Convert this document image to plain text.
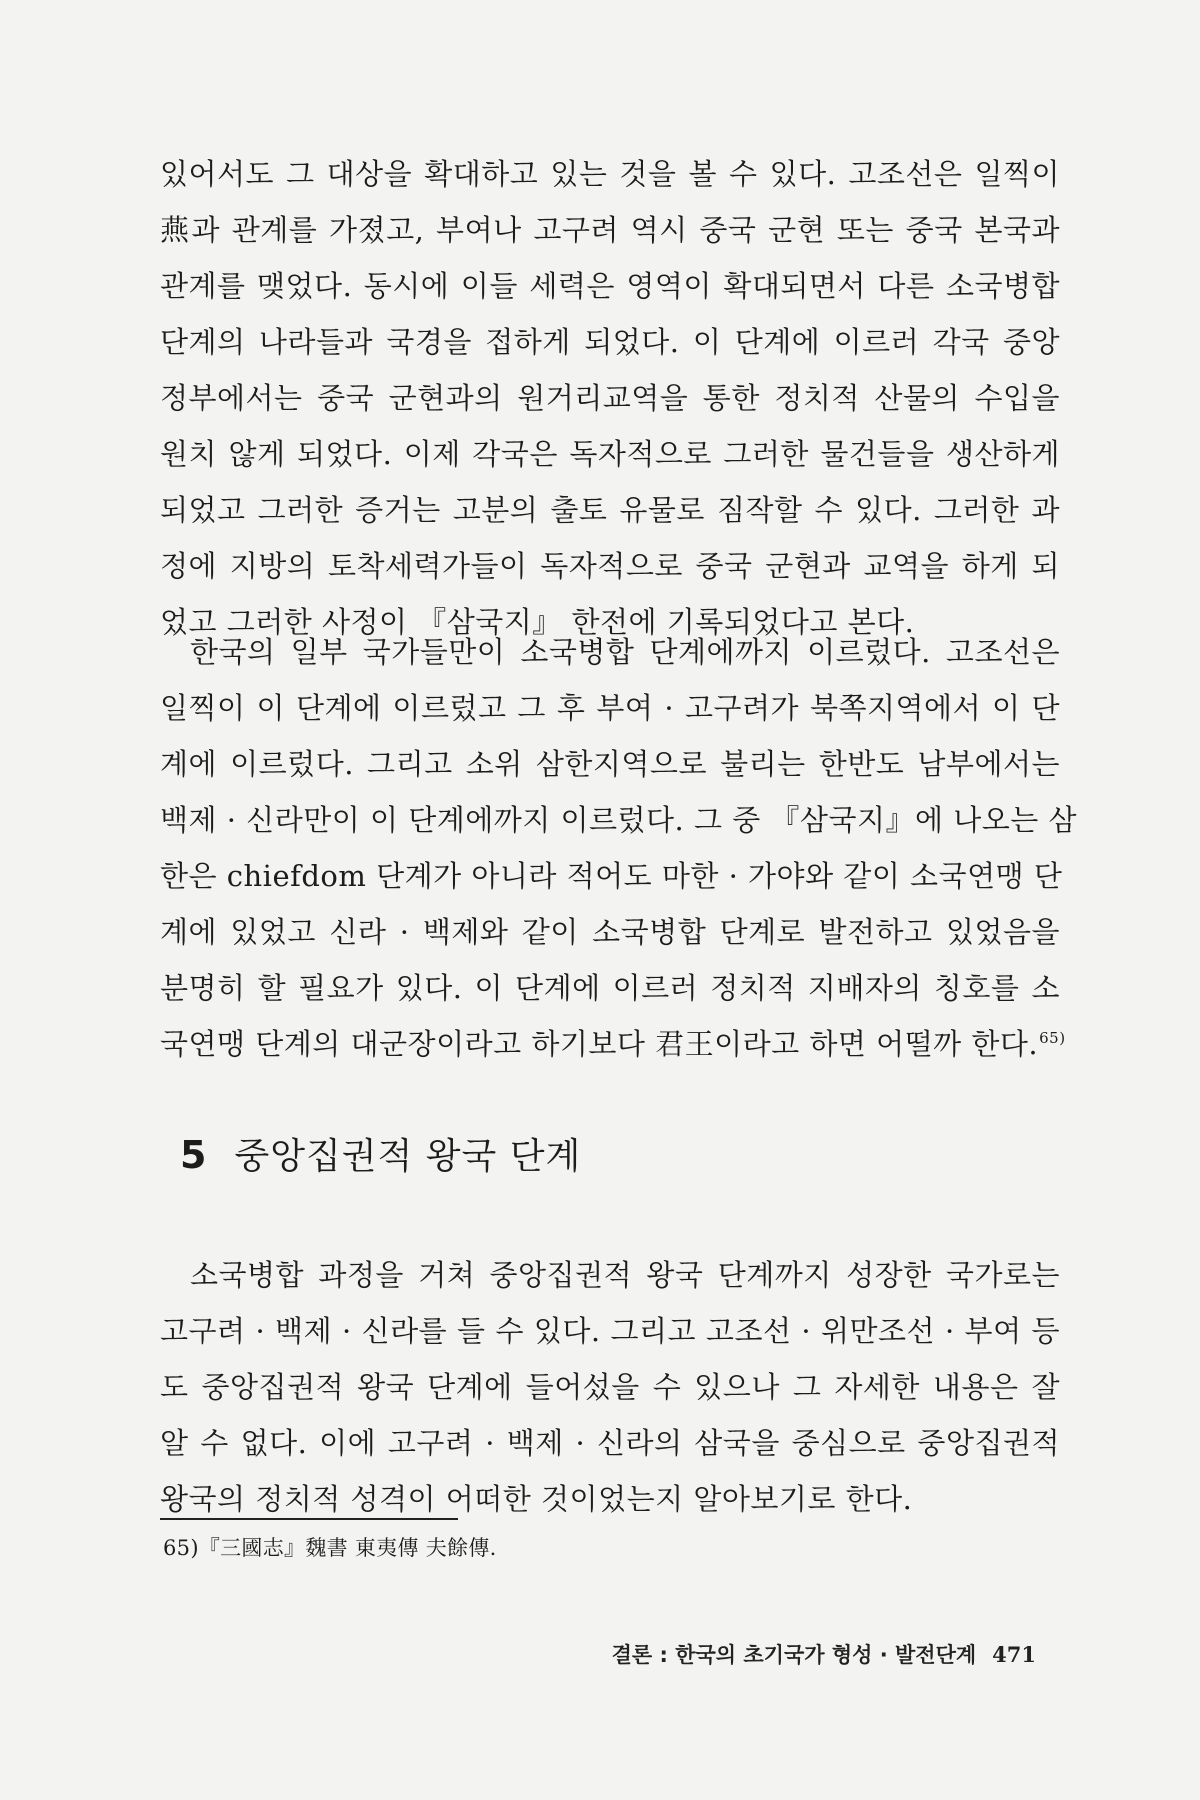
있어서도 그 대상을 확대하고 있는 것을 볼 수 있다. 고조선은 일찍이
燕과 관계를 가졌고, 부여나 고구려 역시 중국 군현 또는 중국 본국과
관계를 맺었다. 동시에 이들 세력은 영역이 확대되면서 다른 소국병합
단계의 나라들과 국경을 접하게 되었다. 이 단계에 이르러 각국 중앙
정부에서는 중국 군현과의 원거리교역을 통한 정치적 산물의 수입을
원치 않게 되었다. 이제 각국은 독자적으로 그러한 물건들을 생산하게
되었고 그러한 증거는 고분의 출토 유물로 짐작할 수 있다. 그러한 과
정에 지방의 토착세력가들이 독자적으로 중국 군현과 교역을 하게 되
었고 그러한 사정이 『삼국지』 한전에 기록되었다고 본다.
한국의 일부 국가들만이 소국병합 단계에까지 이르렀다. 고조선은
일찍이 이 단계에 이르렀고 그 후 부여 · 고구려가 북쪽지역에서 이 단
계에 이르렀다. 그리고 소위 삼한지역으로 불리는 한반도 남부에서는
백제 · 신라만이 이 단계에까지 이르렀다. 그 중 『삼국지』에 나오는 삼
한은 chiefdom 단계가 아니라 적어도 마한 · 가야와 같이 소국연맹 단
계에 있었고 신라 · 백제와 같이 소국병합 단계로 발전하고 있었음을
분명히 할 필요가 있다. 이 단계에 이르러 정치적 지배자의 칭호를 소
국연맹 단계의 대군장이라고 하기보다 君王이라고 하면 어떨까 한다.$^{65)}$
5 중앙집권적 왕국 단계
소국병합 과정을 거쳐 중앙집권적 왕국 단계까지 성장한 국가로는
고구려 · 백제 · 신라를 들 수 있다. 그리고 고조선 · 위만조선 · 부여 등
도 중앙집권적 왕국 단계에 들어섰을 수 있으나 그 자세한 내용은 잘
알 수 없다. 이에 고구려 · 백제 · 신라의 삼국을 중심으로 중앙집권적
왕국의 정치적 성격이 어떠한 것이었는지 알아보기로 한다.
65)『三國志』魏書 東夷傳 夫餘傳.
결론 : 한국의 초기국가 형성 · 발전단계 471
